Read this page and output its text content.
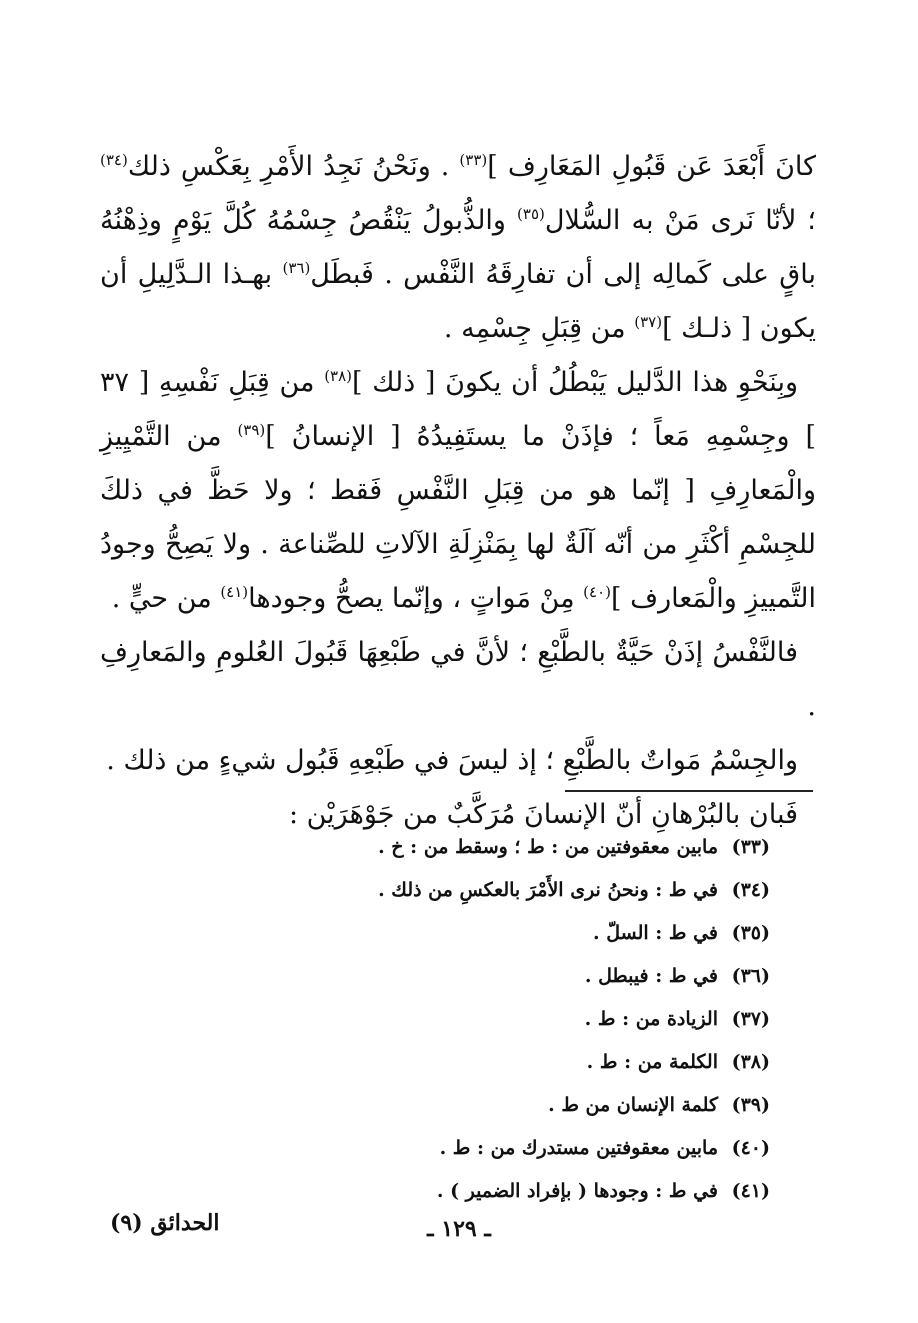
كانَ أَبْعَدَ عَن قَبُولِ المَعَارِف ]$^{(٣٣)}$ . ونَحْنُ نَجِدُ الأَمْرِ بِعَكْسِ ذلك$^{(٣٤)}$ ؛ لأنّا نَرى مَنْ به السُّلال$^{(٣٥)}$ والذُّبولُ يَنْقُصُ جِسْمُهُ كُلَّ يَوْمٍ وذِهْنُهُ باقٍ على كَمالِه إلى أن تفارِقَهُ النَّفْس . فَبطَل$^{(٣٦)}$ بهـذا الـدَّلِيلِ أن يكون [ ذلـك ]$^{(٣٧)}$ من قِبَلِ جِسْمِه .

وبِنَحْوِ هذا الدَّليل يَبْطُلُ أن يكونَ [ ذلك ]$^{(٣٨)}$ من قِبَلِ نَفْسِهِ [ ٣٧ ] وجِسْمِهِ مَعاً ؛ فإذَنْ ما يستَفِيدُهُ [ الإنسانُ ]$^{(٣٩)}$ من التَّمْيِيزِ والْمَعارِفِ [ إنّما هو من قِبَلِ النَّفْسِ فَقط ؛ ولا حَظَّ في ذلكَ للجِسْمِ أكْثَرِ من أنّه آلَةٌ لها بِمَنْزِلَةِ الآلاتِ للصِّناعة . ولا يَصِحُّ وجودُ التَّمييزِ والْمَعارف ]$^{(٤٠)}$ مِنْ مَواتٍ ، وإنّما يصحُّ وجودها$^{(٤١)}$ من حيٍّ .

فالنَّفْسُ إذَنْ حَيَّةٌ بالطَّبْعِ ؛ لأنَّ في طَبْعِهَا قَبُولَ العُلومِ والمَعارِفِ .

والجِسْمُ مَواتٌ بالطَّبْعِ ؛ إذ ليسَ في طَبْعِهِ قَبُول شيءٍ من ذلك .

فَبان بالبُرْهانِ أنّ الإنسانَ مُرَكَّبٌ من جَوْهَرَيْن :

(٣٣)مابين معقوفتين من : ط ؛ وسقط من : خ .
(٣٤)في ط : ونحنُ نرى الأَمْرَ بالعكسِ من ذلك .
(٣٥)في ط : السلّ .
(٣٦)في ط : فيبطل .
(٣٧)الزيادة من : ط .
(٣٨)الكلمة من : ط .
(٣٩)كلمة الإنسان من ط .
(٤٠)مابين معقوفتين مستدرك من : ط .
(٤١)في ط : وجودها ( بإفراد الضمير ) .
الحدائق (٩)	ـ ١٢٩ ـ
